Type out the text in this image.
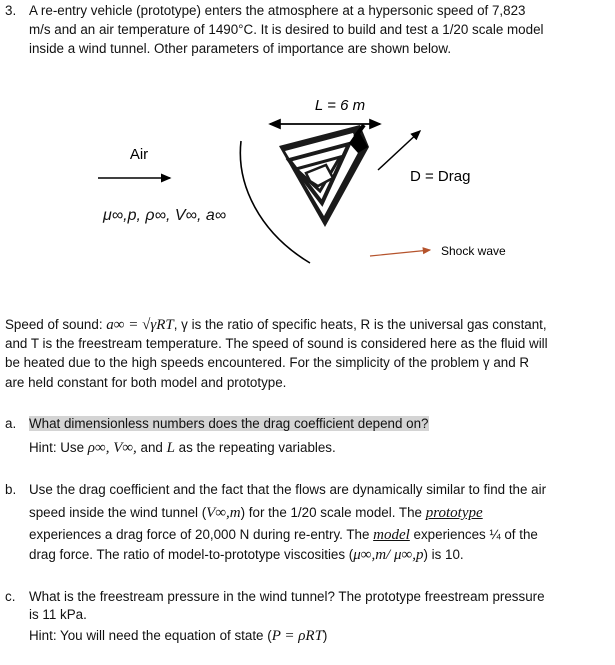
3. A re-entry vehicle (prototype) enters the atmosphere at a hypersonic speed of 7,823
m/s and an air temperature of 1490°C. It is desired to build and test a 1/20 scale model
inside a wind tunnel. Other parameters of importance are shown below.
L = 6 m
Air
μ∞,p, ρ∞, V∞, a∞
D = Drag
Shock wave
Speed of sound: a∞ = √γRT, γ is the ratio of specific heats, R is the universal gas constant,
and T is the freestream temperature. The speed of sound is considered here as the fluid will
be heated due to the high speeds encountered. For the simplicity of the problem γ and R
are held constant for both model and prototype.
a. What dimensionless numbers does the drag coefficient depend on?
Hint: Use ρ∞, V∞, and L as the repeating variables.
b. Use the drag coefficient and the fact that the flows are dynamically similar to find the air
speed inside the wind tunnel (V∞,m) for the 1/20 scale model. The prototype
experiences a drag force of 20,000 N during re-entry. The model experiences ¼ of the
drag force. The ratio of model-to-prototype viscosities (μ∞,m/ μ∞,p) is 10.
c. What is the freestream pressure in the wind tunnel? The prototype freestream pressure
is 11 kPa.
Hint: You will need the equation of state (P = ρRT)
